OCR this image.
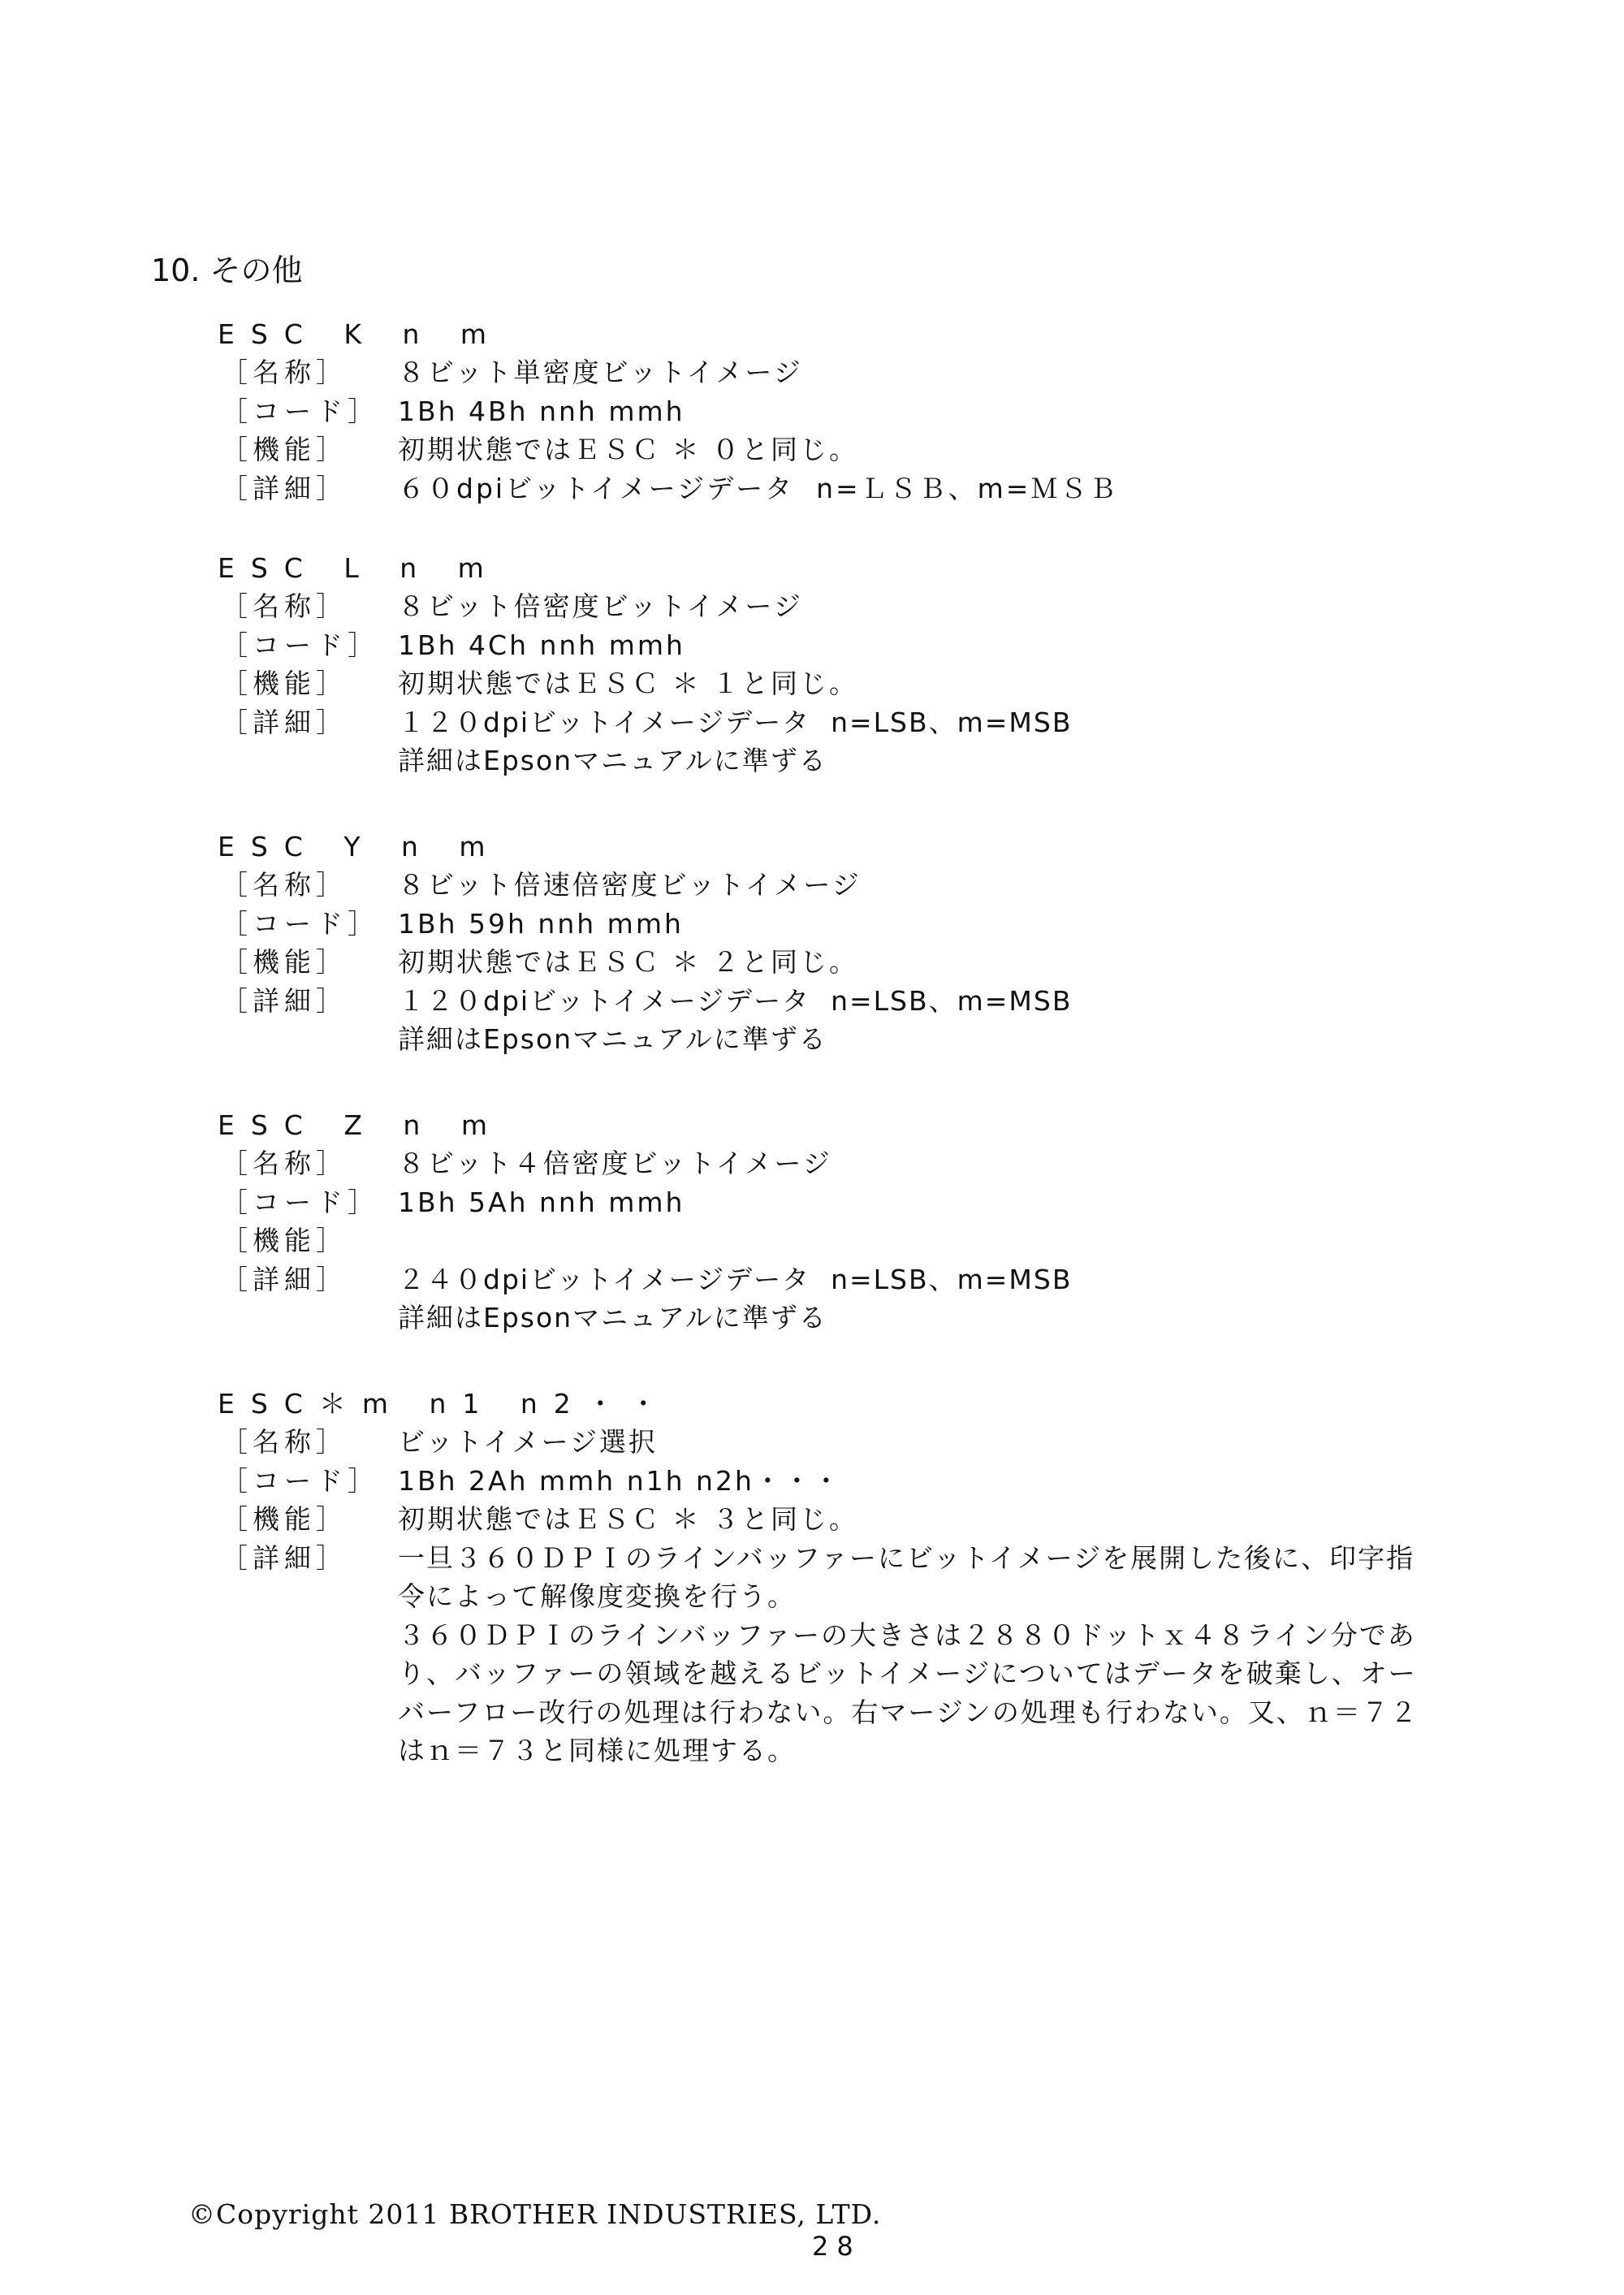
10. その他
ESC K n m
［名称］ ８ビット単密度ビットイメージ
［コード］ 1Bh 4Bh nnh mmh
［機能］ 初期状態ではＥＳＣ ＊ ０と同じ。
［詳細］ ６０dpiビットイメージデータ  n=ＬＳＢ、m=ＭＳＢ
ESC L n m
［名称］ ８ビット倍密度ビットイメージ
［コード］ 1Bh 4Ch nnh mmh
［機能］ 初期状態ではＥＳＣ ＊ １と同じ。
［詳細］ １２０dpiビットイメージデータ  n=LSB、m=MSB
詳細はEpsonマニュアルに準ずる
ESC Y n m
［名称］ ８ビット倍速倍密度ビットイメージ
［コード］ 1Bh 59h nnh mmh
［機能］ 初期状態ではＥＳＣ ＊ ２と同じ。
［詳細］ １２０dpiビットイメージデータ  n=LSB、m=MSB
詳細はEpsonマニュアルに準ずる
ESC Z n m
［名称］ ８ビット４倍密度ビットイメージ
［コード］ 1Bh 5Ah nnh mmh
［機能］
［詳細］ ２４０dpiビットイメージデータ  n=LSB、m=MSB
詳細はEpsonマニュアルに準ずる
ESC＊m n1 n2・・
［名称］ ビットイメージ選択
［コード］ 1Bh 2Ah mmh n1h n2h・・・
［機能］ 初期状態ではＥＳＣ ＊ ３と同じ。
［詳細］ 一旦３６０ＤＰＩのラインバッファーにビットイメージを展開した後に、印字指
令によって解像度変換を行う。
３６０ＤＰＩのラインバッファーの大きさは２８８０ドットｘ４８ライン分であ
り、バッファーの領域を越えるビットイメージについてはデータを破棄し、オー
バーフロー改行の処理は行わない。右マージンの処理も行わない。又、ｎ＝７２
はｎ＝７３と同様に処理する。
©Copyright 2011 BROTHER INDUSTRIES, LTD.
28
